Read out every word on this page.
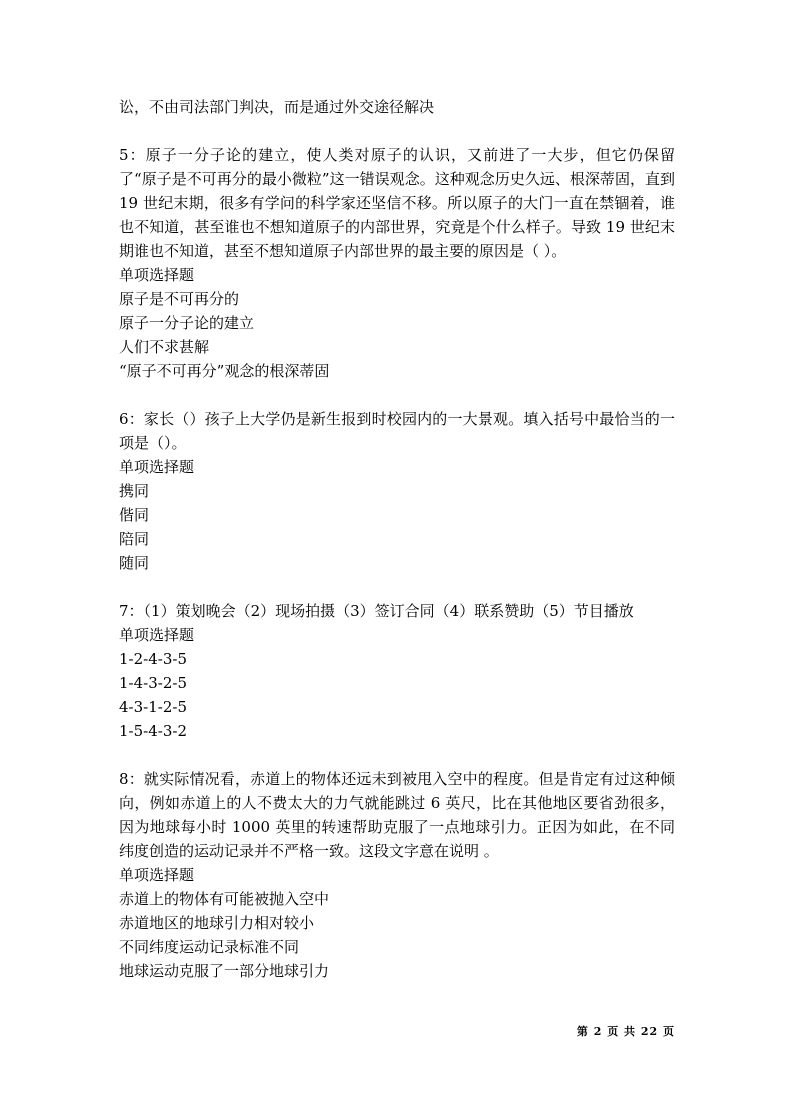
讼，不由司法部门判决，而是通过外交途径解决
5：原子一分子论的建立，使人类对原子的认识，又前进了一大步，但它仍保留了“原子是不可再分的最小微粒”这一错误观念。这种观念历史久远、根深蒂固，直到 19 世纪末期，很多有学问的科学家还坚信不移。所以原子的大门一直在禁锢着，谁也不知道，甚至谁也不想知道原子的内部世界，究竟是个什么样子。导致 19 世纪末期谁也不知道，甚至不想知道原子内部世界的最主要的原因是（ ）。
单项选择题
原子是不可再分的
原子一分子论的建立
人们不求甚解
“原子不可再分”观念的根深蒂固
6：家长（）孩子上大学仍是新生报到时校园内的一大景观。填入括号中最恰当的一项是（）。
单项选择题
携同
偕同
陪同
随同
7：（1）策划晚会（2）现场拍摄（3）签订合同（4）联系赞助（5）节目播放
单项选择题
1-2-4-3-5
1-4-3-2-5
4-3-1-2-5
1-5-4-3-2
8：就实际情况看，赤道上的物体还远未到被甩入空中的程度。但是肯定有过这种倾向，例如赤道上的人不费太大的力气就能跳过 6 英尺，比在其他地区要省劲很多，因为地球每小时 1000 英里的转速帮助克服了一点地球引力。正因为如此，在不同纬度创造的运动记录并不严格一致。这段文字意在说明 。
单项选择题
赤道上的物体有可能被抛入空中
赤道地区的地球引力相对较小
不同纬度运动记录标准不同
地球运动克服了一部分地球引力
第 2 页 共 22 页
